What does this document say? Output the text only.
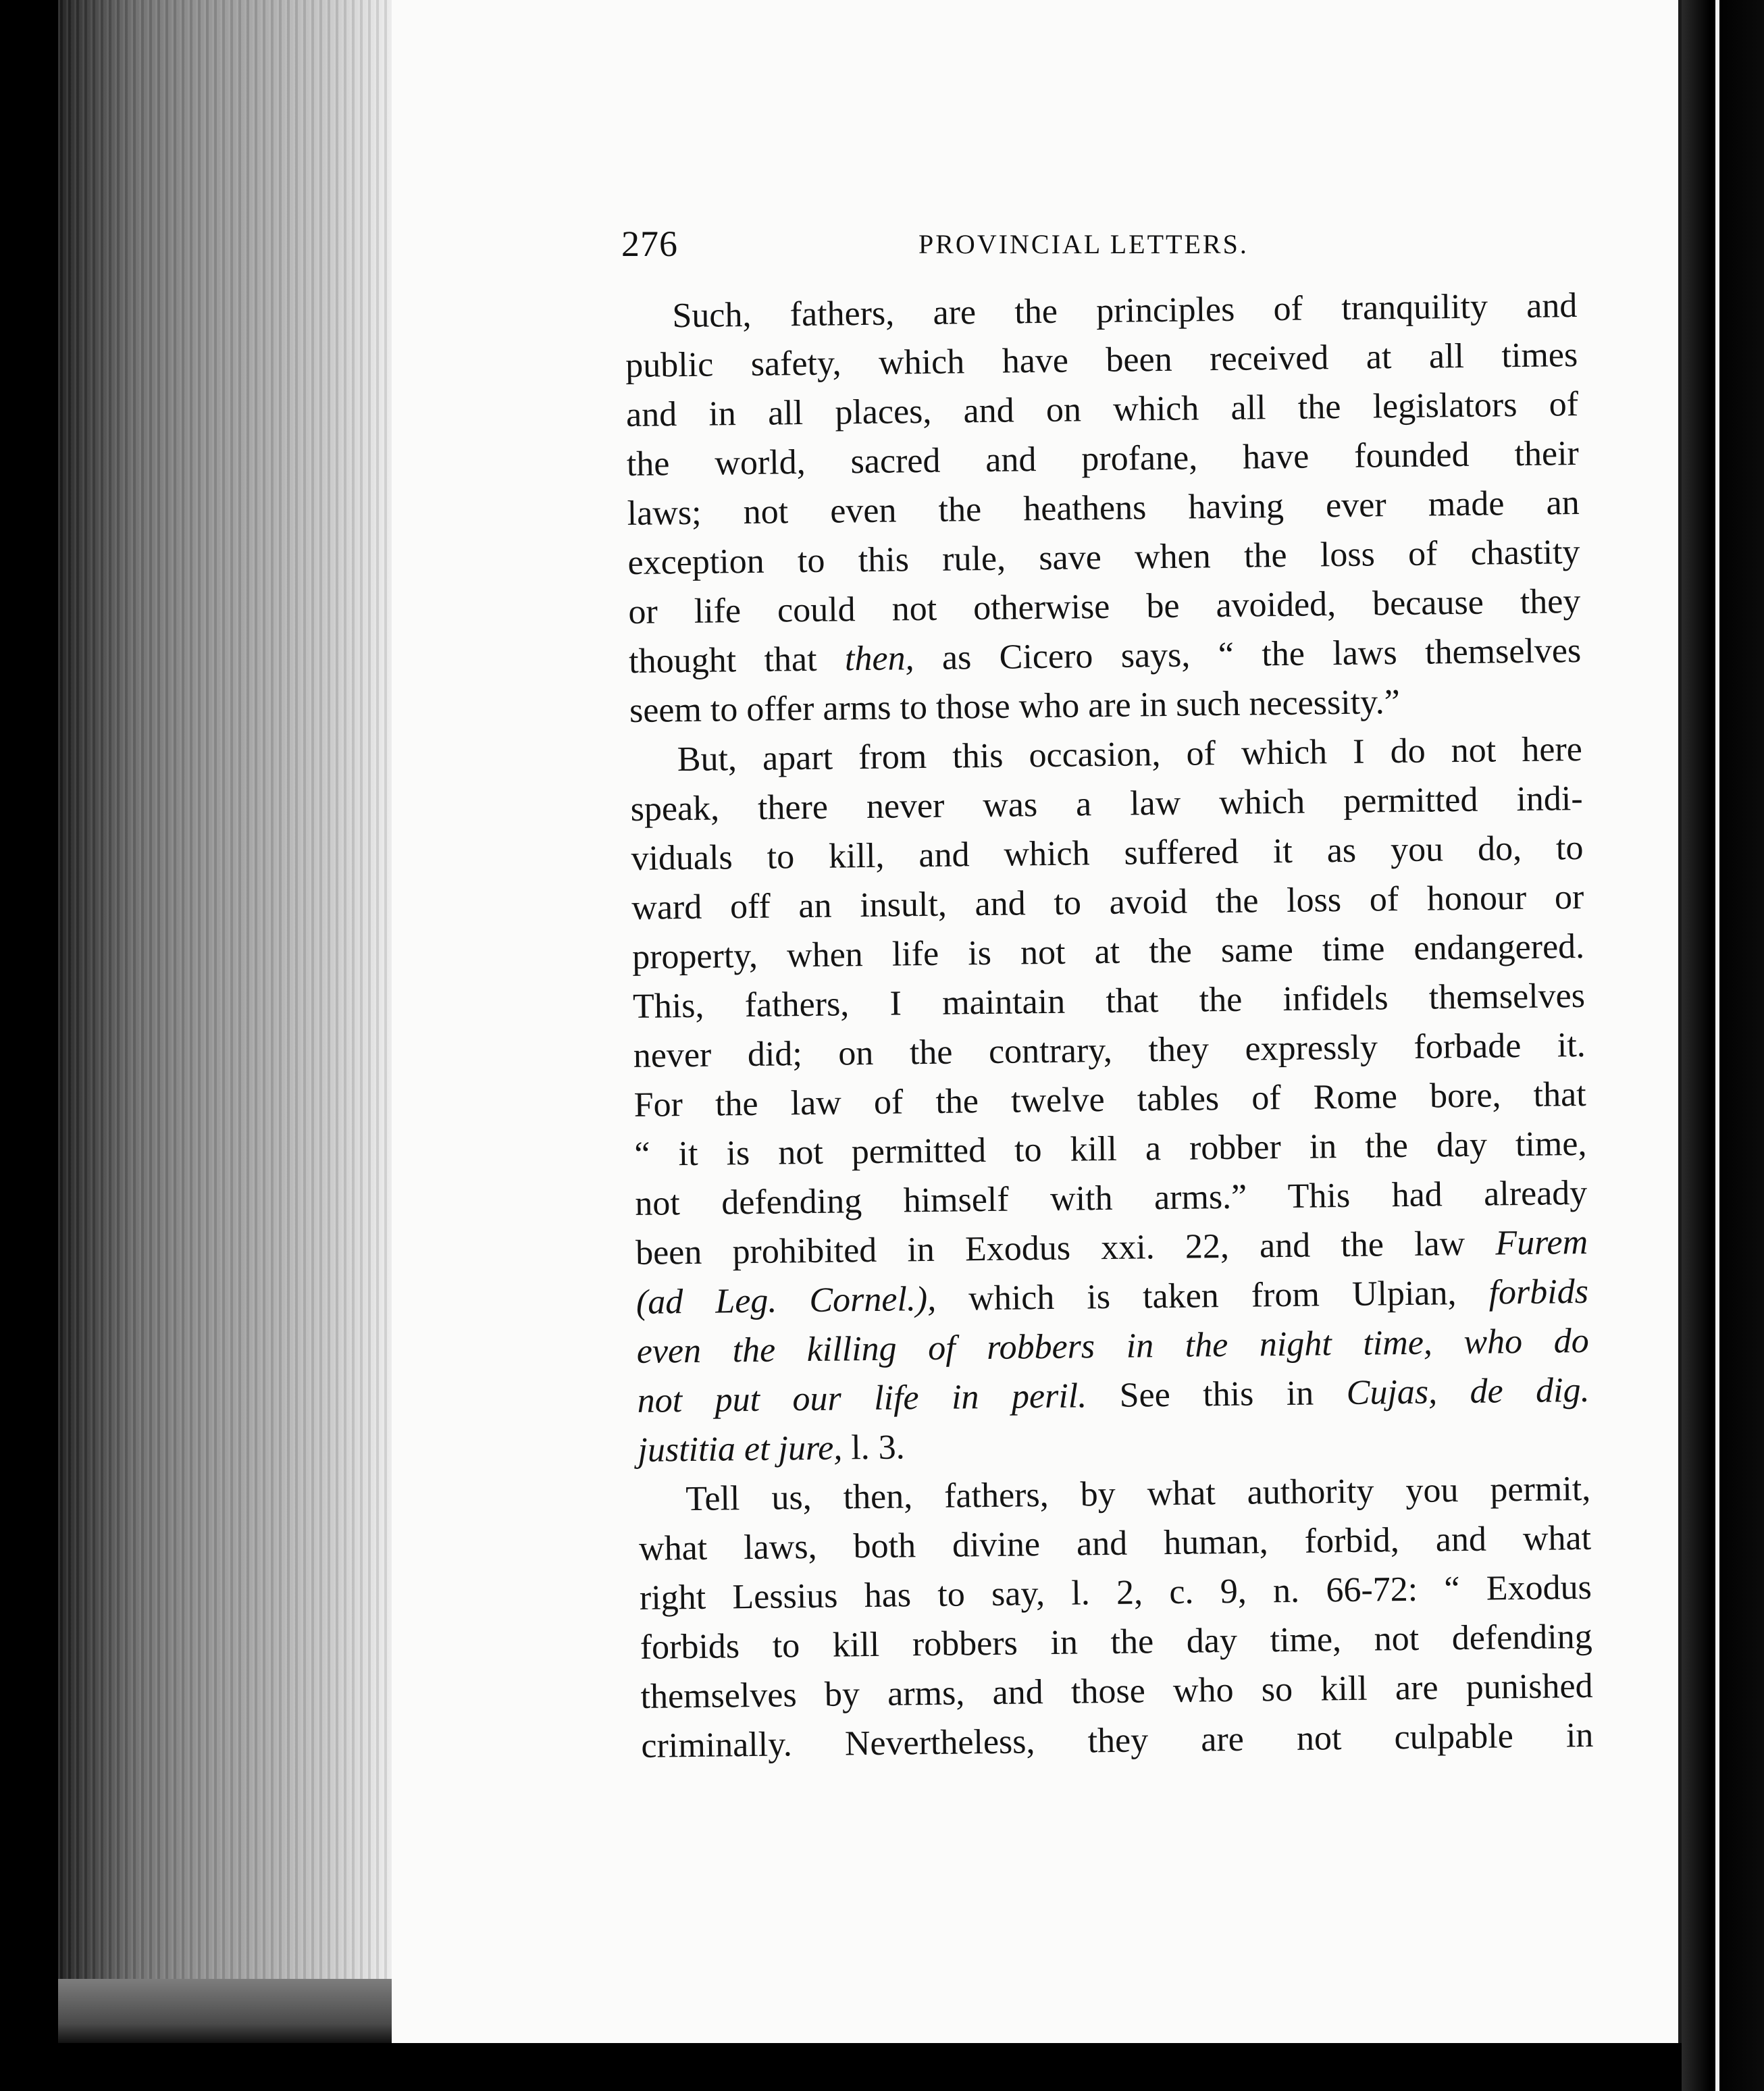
276	PROVINCIAL LETTERS.
Such, fathers, are the principles of tranquility and
public safety, which have been received at all times
and in all places, and on which all the legislators of
the world, sacred and profane, have founded their
laws; not even the heathens having ever made an
exception to this rule, save when the loss of chastity
or life could not otherwise be avoided, because they
thought that then, as Cicero says, “ the laws themselves
seem to offer arms to those who are in such necessity.”
But, apart from this occasion, of which I do not here
speak, there never was a law which permitted indi-
viduals to kill, and which suffered it as you do, to
ward off an insult, and to avoid the loss of honour or
property, when life is not at the same time endangered.
This, fathers, I maintain that the infidels themselves
never did; on the contrary, they expressly forbade it.
For the law of the twelve tables of Rome bore, that
“ it is not permitted to kill a robber in the day time,
not defending himself with arms.” This had already
been prohibited in Exodus xxi. 22, and the law Furem
(ad Leg. Cornel.), which is taken from Ulpian, forbids
even the killing of robbers in the night time, who do
not put our life in peril. See this in Cujas, de dig.
justitia et jure, l. 3.
Tell us, then, fathers, by what authority you permit,
what laws, both divine and human, forbid, and what
right Lessius has to say, l. 2, c. 9, n. 66-72: “ Exodus
forbids to kill robbers in the day time, not defending
themselves by arms, and those who so kill are punished
criminally. Nevertheless, they are not culpable in
